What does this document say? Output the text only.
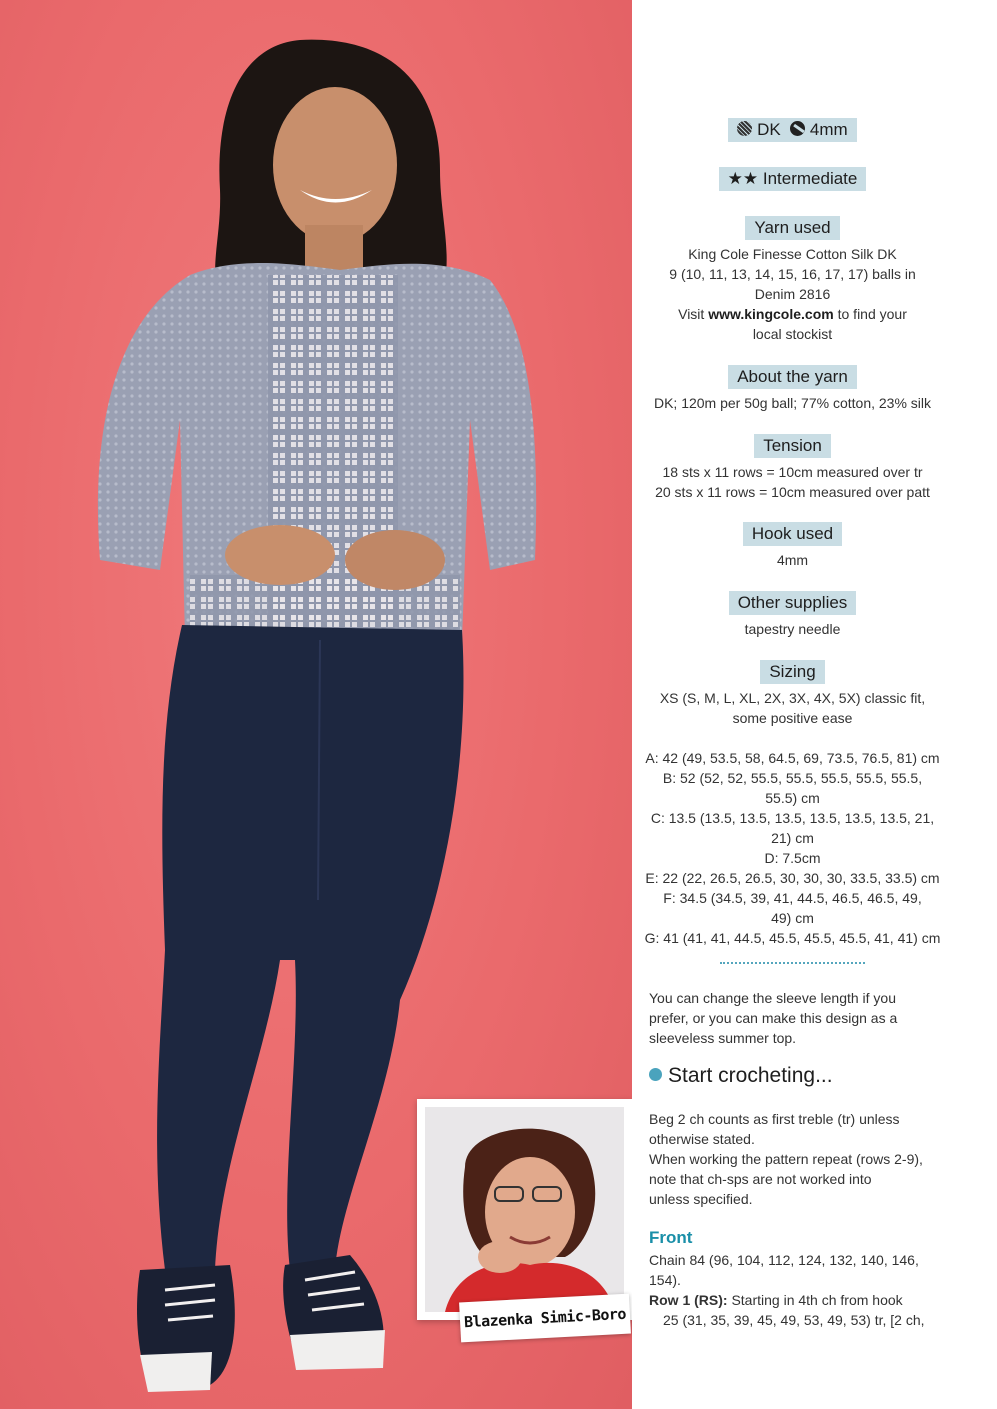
Blazenka Simic-Boro
DK 4mm
★★ Intermediate
Yarn used
King Cole Finesse Cotton Silk DK
9 (10, 11, 13, 14, 15, 16, 17, 17) balls in
Denim 2816
Visit www.kingcole.com to find your
local stockist
About the yarn
DK; 120m per 50g ball; 77% cotton, 23% silk
Tension
18 sts x 11 rows = 10cm measured over tr
20 sts x 11 rows = 10cm measured over patt
Hook used
4mm
Other supplies
tapestry needle
Sizing
XS (S, M, L, XL, 2X, 3X, 4X, 5X) classic fit,
some positive ease
A: 42 (49, 53.5, 58, 64.5, 69, 73.5, 76.5, 81) cm
B: 52 (52, 52, 55.5, 55.5, 55.5, 55.5, 55.5,
55.5) cm
C: 13.5 (13.5, 13.5, 13.5, 13.5, 13.5, 13.5, 21,
21) cm
D: 7.5cm
E: 22 (22, 26.5, 26.5, 30, 30, 30, 33.5, 33.5) cm
F: 34.5 (34.5, 39, 41, 44.5, 46.5, 46.5, 49,
49) cm
G: 41 (41, 41, 44.5, 45.5, 45.5, 45.5, 41, 41) cm
You can change the sleeve length if you
prefer, or you can make this design as a
sleeveless summer top.
Start crocheting...
Beg 2 ch counts as first treble (tr) unless
otherwise stated.
When working the pattern repeat (rows 2-9),
note that ch-sps are not worked into
unless specified.
Front
Chain 84 (96, 104, 112, 124, 132, 140, 146, 154).
Row 1 (RS): Starting in 4th ch from hook
25 (31, 35, 39, 45, 49, 53, 49, 53) tr, [2 ch,
